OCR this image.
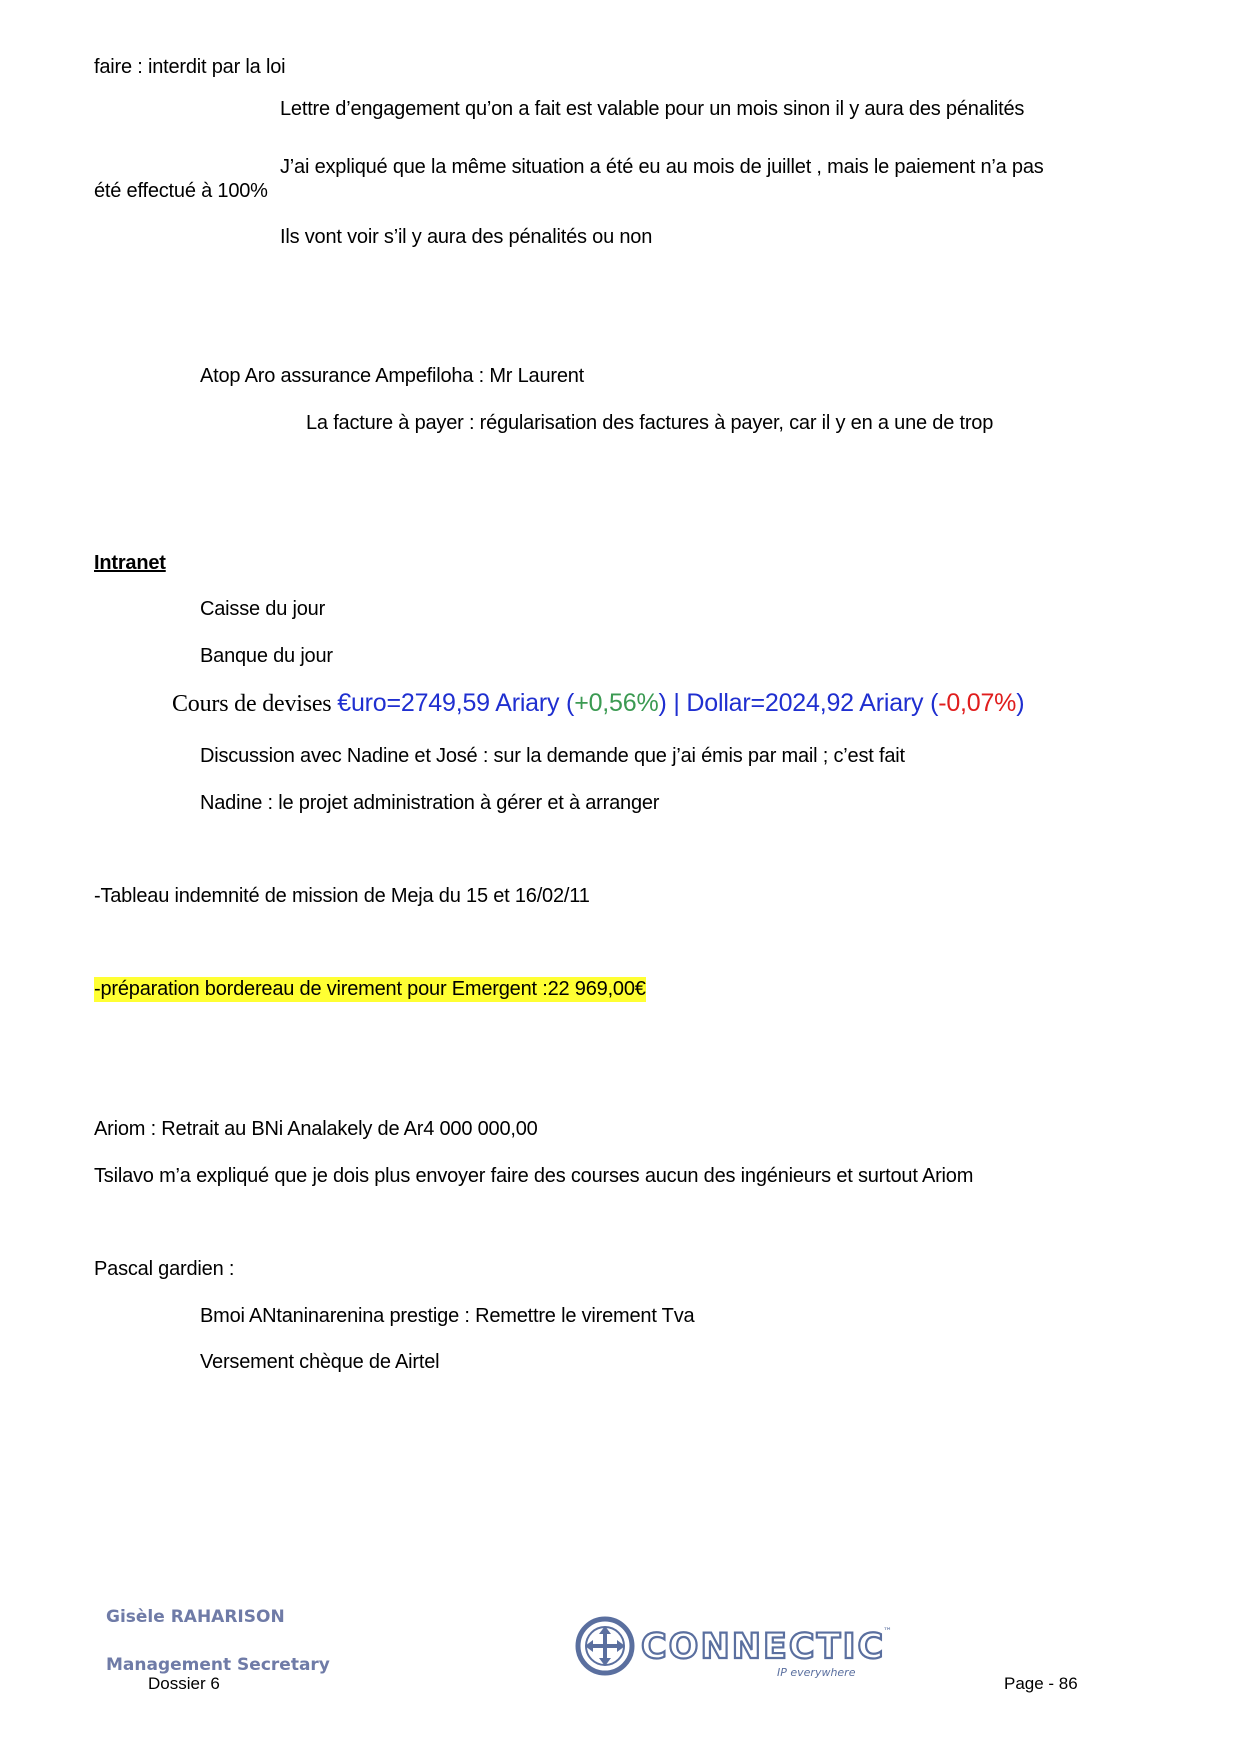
faire : interdit par la loi
Lettre d’engagement qu’on a fait est valable pour un mois sinon il y aura des pénalités
J’ai expliqué que la même situation a été eu au mois de juillet , mais le paiement n’a pas
été effectué à 100%
Ils vont voir s’il y aura des pénalités ou non
Atop Aro assurance Ampefiloha : Mr Laurent
La facture à payer : régularisation des factures à payer, car il y en a une de trop
Intranet
Caisse du jour
Banque du jour
Cours de devises €uro=2749,59 Ariary (+0,56%) | Dollar=2024,92 Ariary (-0,07%)
Discussion avec Nadine et José : sur la demande que j’ai émis par mail ; c’est fait
Nadine : le projet administration à gérer et à arranger
-Tableau indemnité de mission de Meja du 15 et 16/02/11
-préparation bordereau de virement pour Emergent :22 969,00€
Ariom : Retrait au BNi Analakely de Ar4 000 000,00
Tsilavo m’a expliqué que je dois plus envoyer faire des courses aucun des ingénieurs et surtout Ariom
Pascal gardien :
Bmoi ANtaninarenina prestige : Remettre le virement Tva
Versement chèque de Airtel
Gisèle RAHARISON
Management Secretary
Dossier 6	Page - 86
CONNECTIC
™
IP everywhere
